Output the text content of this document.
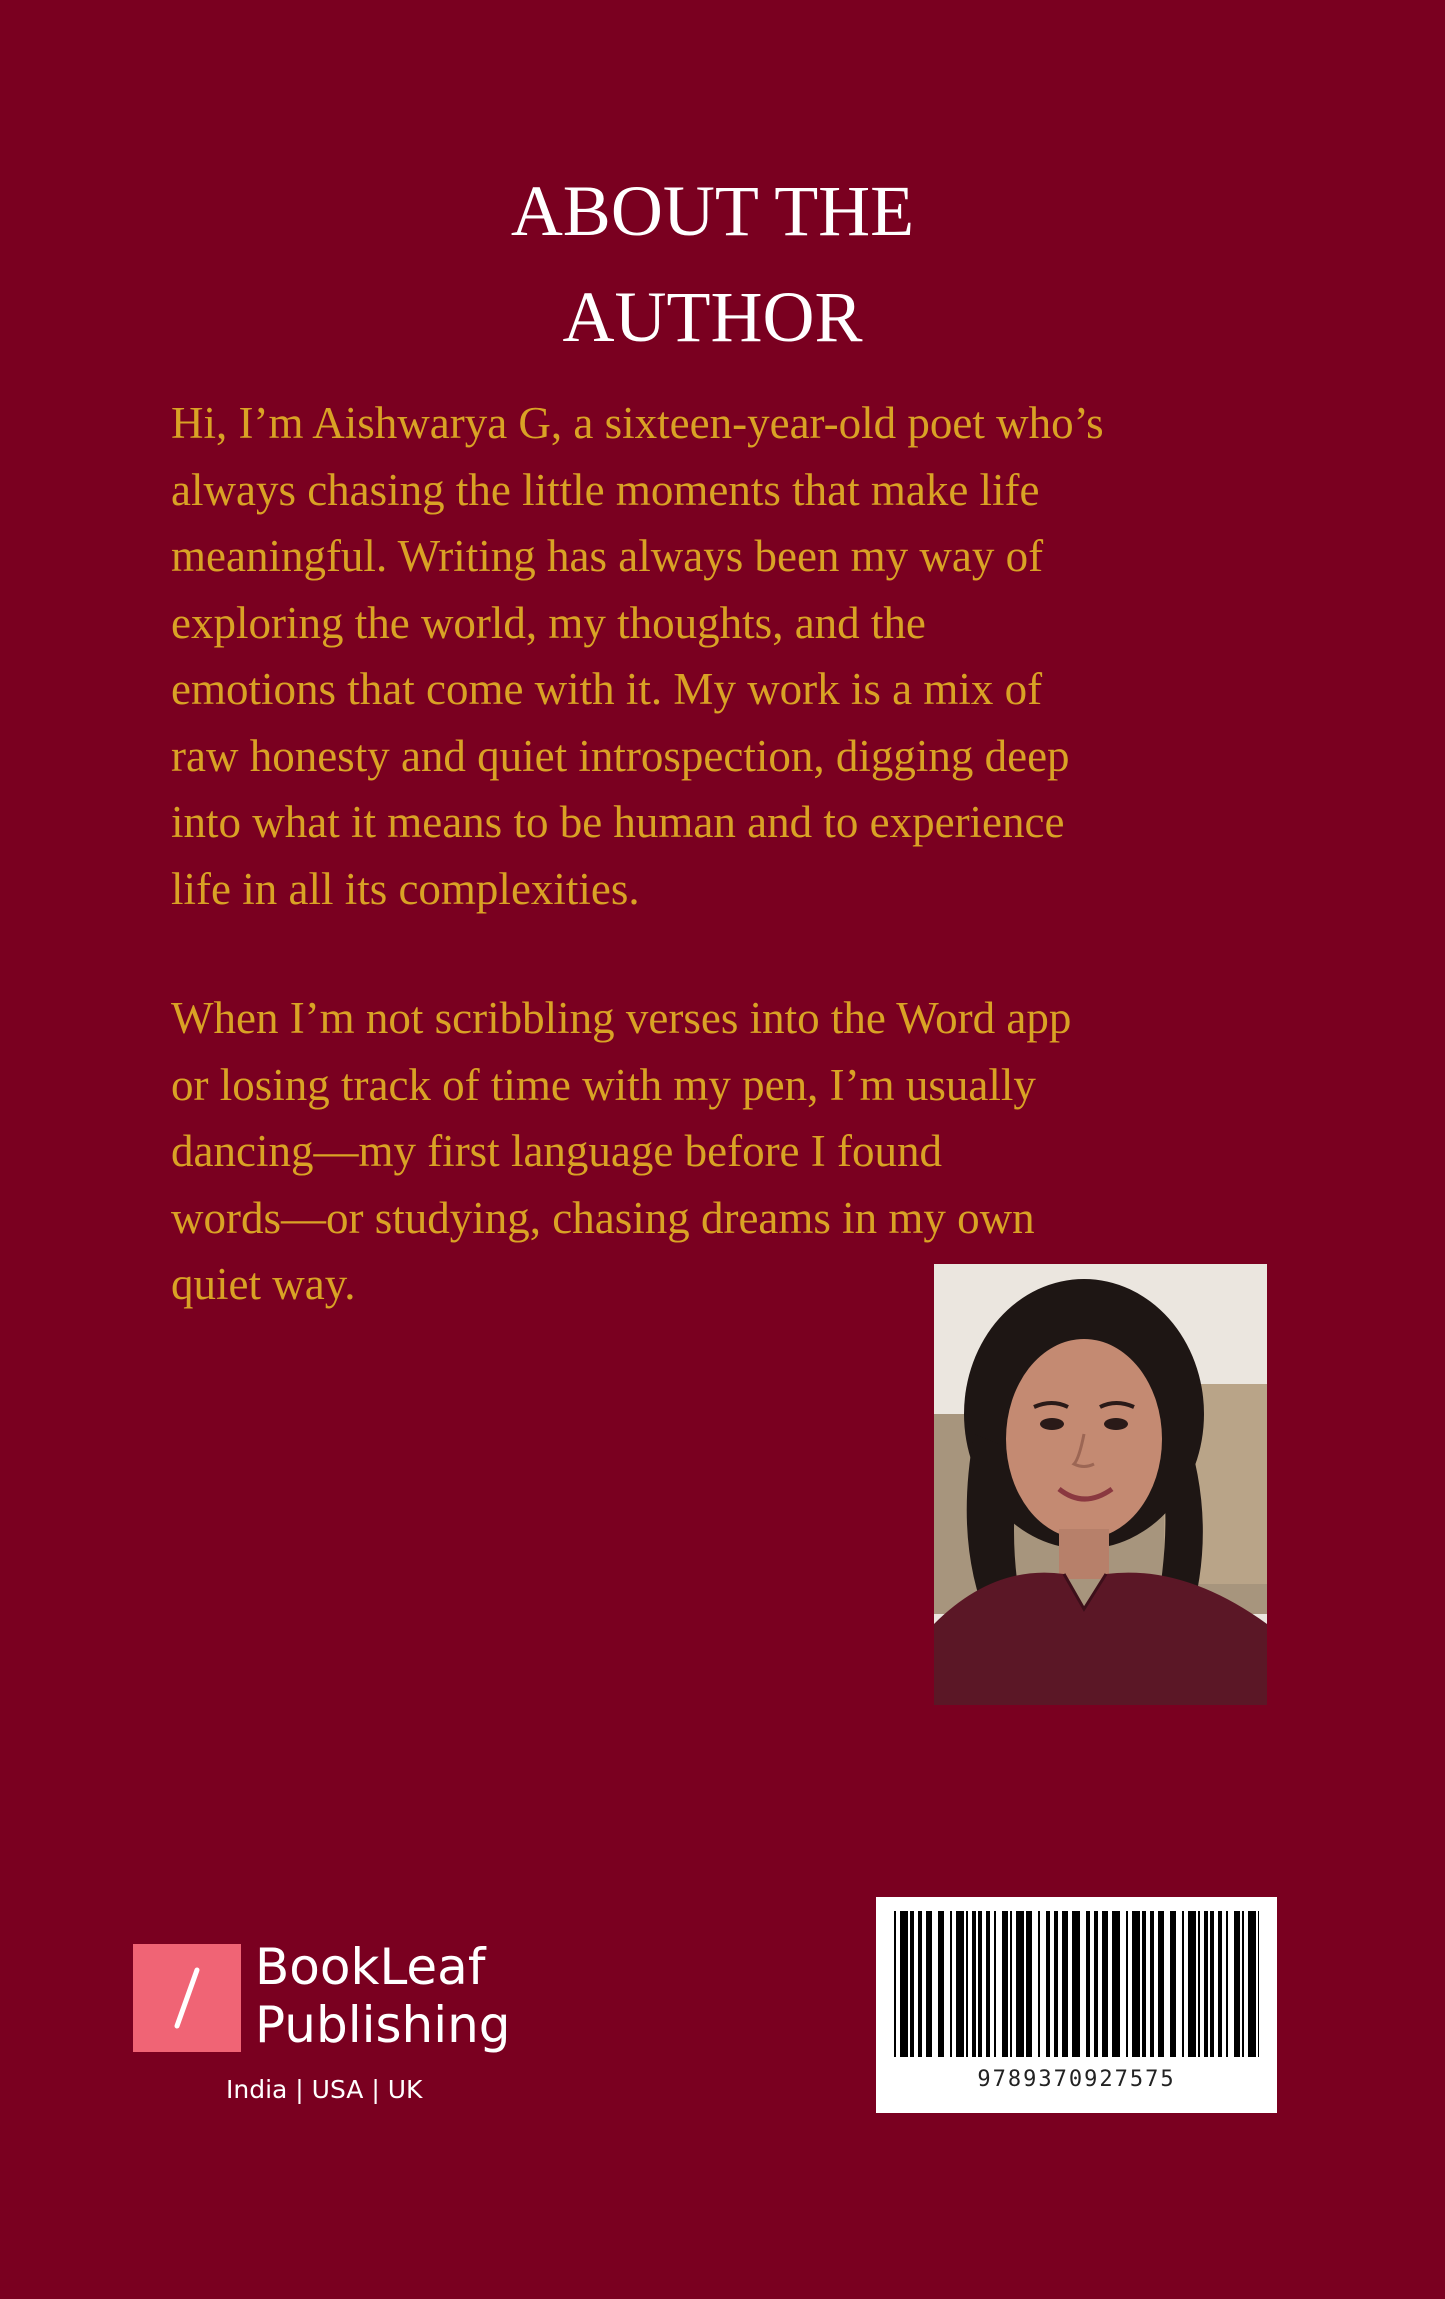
ABOUT THE
AUTHOR
Hi, I’m Aishwarya G, a sixteen-year-old poet who’s
always chasing the little moments that make life
meaningful. Writing has always been my way of
exploring the world, my thoughts, and the
emotions that come with it. My work is a mix of
raw honesty and quiet introspection, digging deep
into what it means to be human and to experience
life in all its complexities.
When I’m not scribbling verses into the Word app
or losing track of time with my pen, I’m usually
dancing—my first language before I found
words—or studying, chasing dreams in my own
quiet way.
BookLeaf
Publishing
India | USA | UK	9789370927575
